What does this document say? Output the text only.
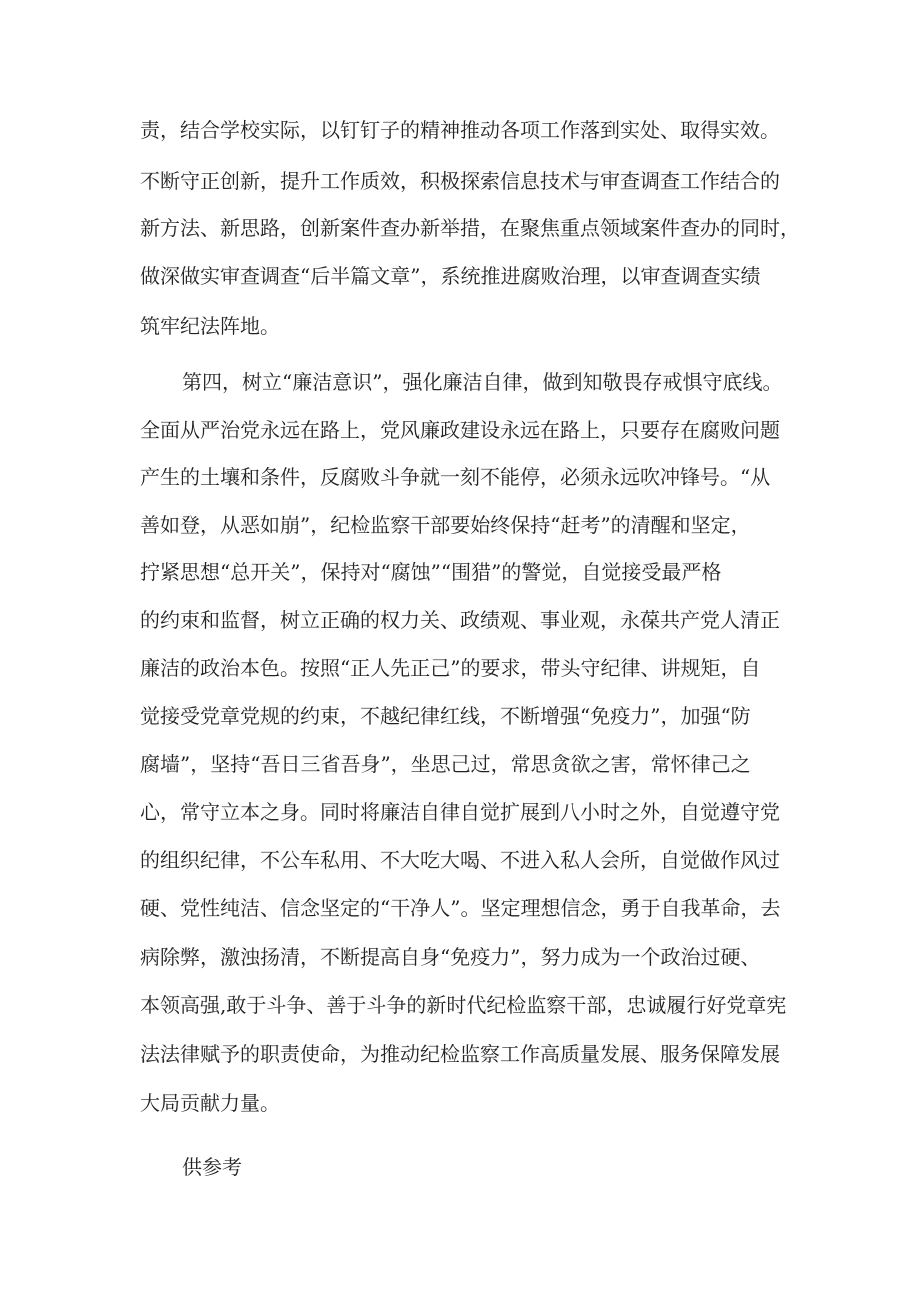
责，结合学校实际，以钉钉子的精神推动各项工作落到实处、取得实效。
不断守正创新，提升工作质效，积极探索信息技术与审查调查工作结合的
新方法、新思路，创新案件查办新举措，在聚焦重点领域案件查办的同时，
做深做实审查调查“后半篇文章”，系统推进腐败治理，以审查调查实绩
筑牢纪法阵地。
第四，树立“廉洁意识”，强化廉洁自律，做到知敬畏存戒惧守底线。
全面从严治党永远在路上，党风廉政建设永远在路上，只要存在腐败问题
产生的土壤和条件，反腐败斗争就一刻不能停，必须永远吹冲锋号。“从
善如登，从恶如崩”，纪检监察干部要始终保持“赶考”的清醒和坚定，
拧紧思想“总开关”，保持对“腐蚀”“围猎”的警觉，自觉接受最严格
的约束和监督，树立正确的权力关、政绩观、事业观，永葆共产党人清正
廉洁的政治本色。按照“正人先正己”的要求，带头守纪律、讲规矩，自
觉接受党章党规的约束，不越纪律红线，不断增强“免疫力”，加强“防
腐墙”，坚持“吾日三省吾身”，坐思己过，常思贪欲之害，常怀律己之
心，常守立本之身。同时将廉洁自律自觉扩展到八小时之外，自觉遵守党
的组织纪律，不公车私用、不大吃大喝、不进入私人会所，自觉做作风过
硬、党性纯洁、信念坚定的“干净人”。坚定理想信念，勇于自我革命，去
病除弊，激浊扬清，不断提高自身“免疫力”，努力成为一个政治过硬、
本领高强,敢于斗争、善于斗争的新时代纪检监察干部，忠诚履行好党章宪
法法律赋予的职责使命，为推动纪检监察工作高质量发展、服务保障发展
大局贡献力量。
供参考
